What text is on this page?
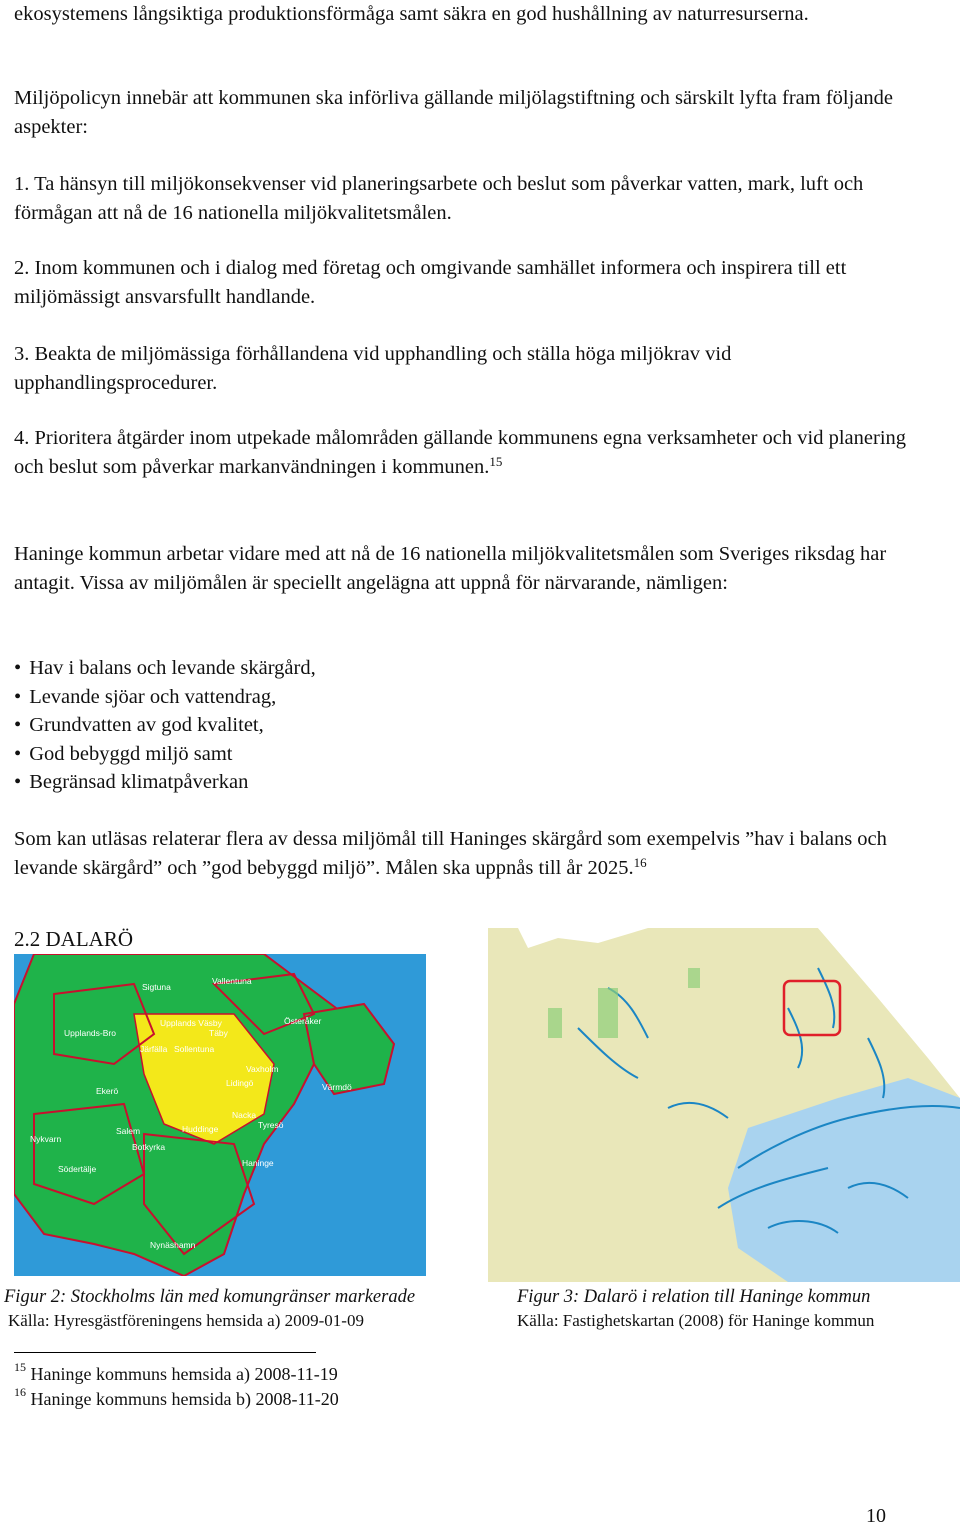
ekosystemens långsiktiga produktionsförmåga samt säkra en god hushållning av naturresurserna.

Miljöpolicyn innebär att kommunen ska införliva gällande miljölagstiftning och särskilt lyfta fram följande aspekter:

1. Ta hänsyn till miljökonsekvenser vid planeringsarbete och beslut som påverkar vatten, mark, luft och förmågan att nå de 16 nationella miljökvalitetsmålen.

2. Inom kommunen och i dialog med företag och omgivande samhället informera och inspirera till ett miljömässigt ansvarsfullt handlande.

3. Beakta de miljömässiga förhållandena vid upphandling och ställa höga miljökrav vid upphandlingsprocedurer.

4. Prioritera åtgärder inom utpekade målområden gällande kommunens egna verksamheter och vid planering och beslut som påverkar markanvändningen i kommunen.$^{15}$

Haninge kommun arbetar vidare med att nå de 16 nationella miljökvalitetsmålen som Sveriges riksdag har antagit. Vissa av miljömålen är speciellt angelägna att uppnå för närvarande, nämligen:

• Hav i balans och levande skärgård,
• Levande sjöar och vattendrag,
• Grundvatten av god kvalitet,
• God bebyggd miljö samt
• Begränsad klimatpåverkan

Som kan utläsas relaterar flera av dessa miljömål till Haninges skärgård som exempelvis ”hav i balans och levande skärgård” och ”god bebyggd miljö”. Målen ska uppnås till år 2025.16

2.2 DALARÖ
Sigtuna
Vallentuna
Upplands-Bro
Upplands Väsby
Täby
Österåker
Järfälla Sollentuna
Vaxholm
Lidingö
Ekerö	Värmdö
Nacka
Salem	Huddinge	Tyresö
Nykvarn
Botkyrka
Haninge
Södertälje
Nynäshamn

Figur 2: Stockholms län med komungränser markerade

Källa: Hyresgästföreningens hemsida a) 2009-01-09

Figur 3: Dalarö i relation till Haninge kommun

Källa: Fastighetskartan (2008) för Haninge kommun

$^{15}$ Haninge kommuns hemsida a) 2008-11-19

$^{16}$ Haninge kommuns hemsida b) 2008-11-20

10
